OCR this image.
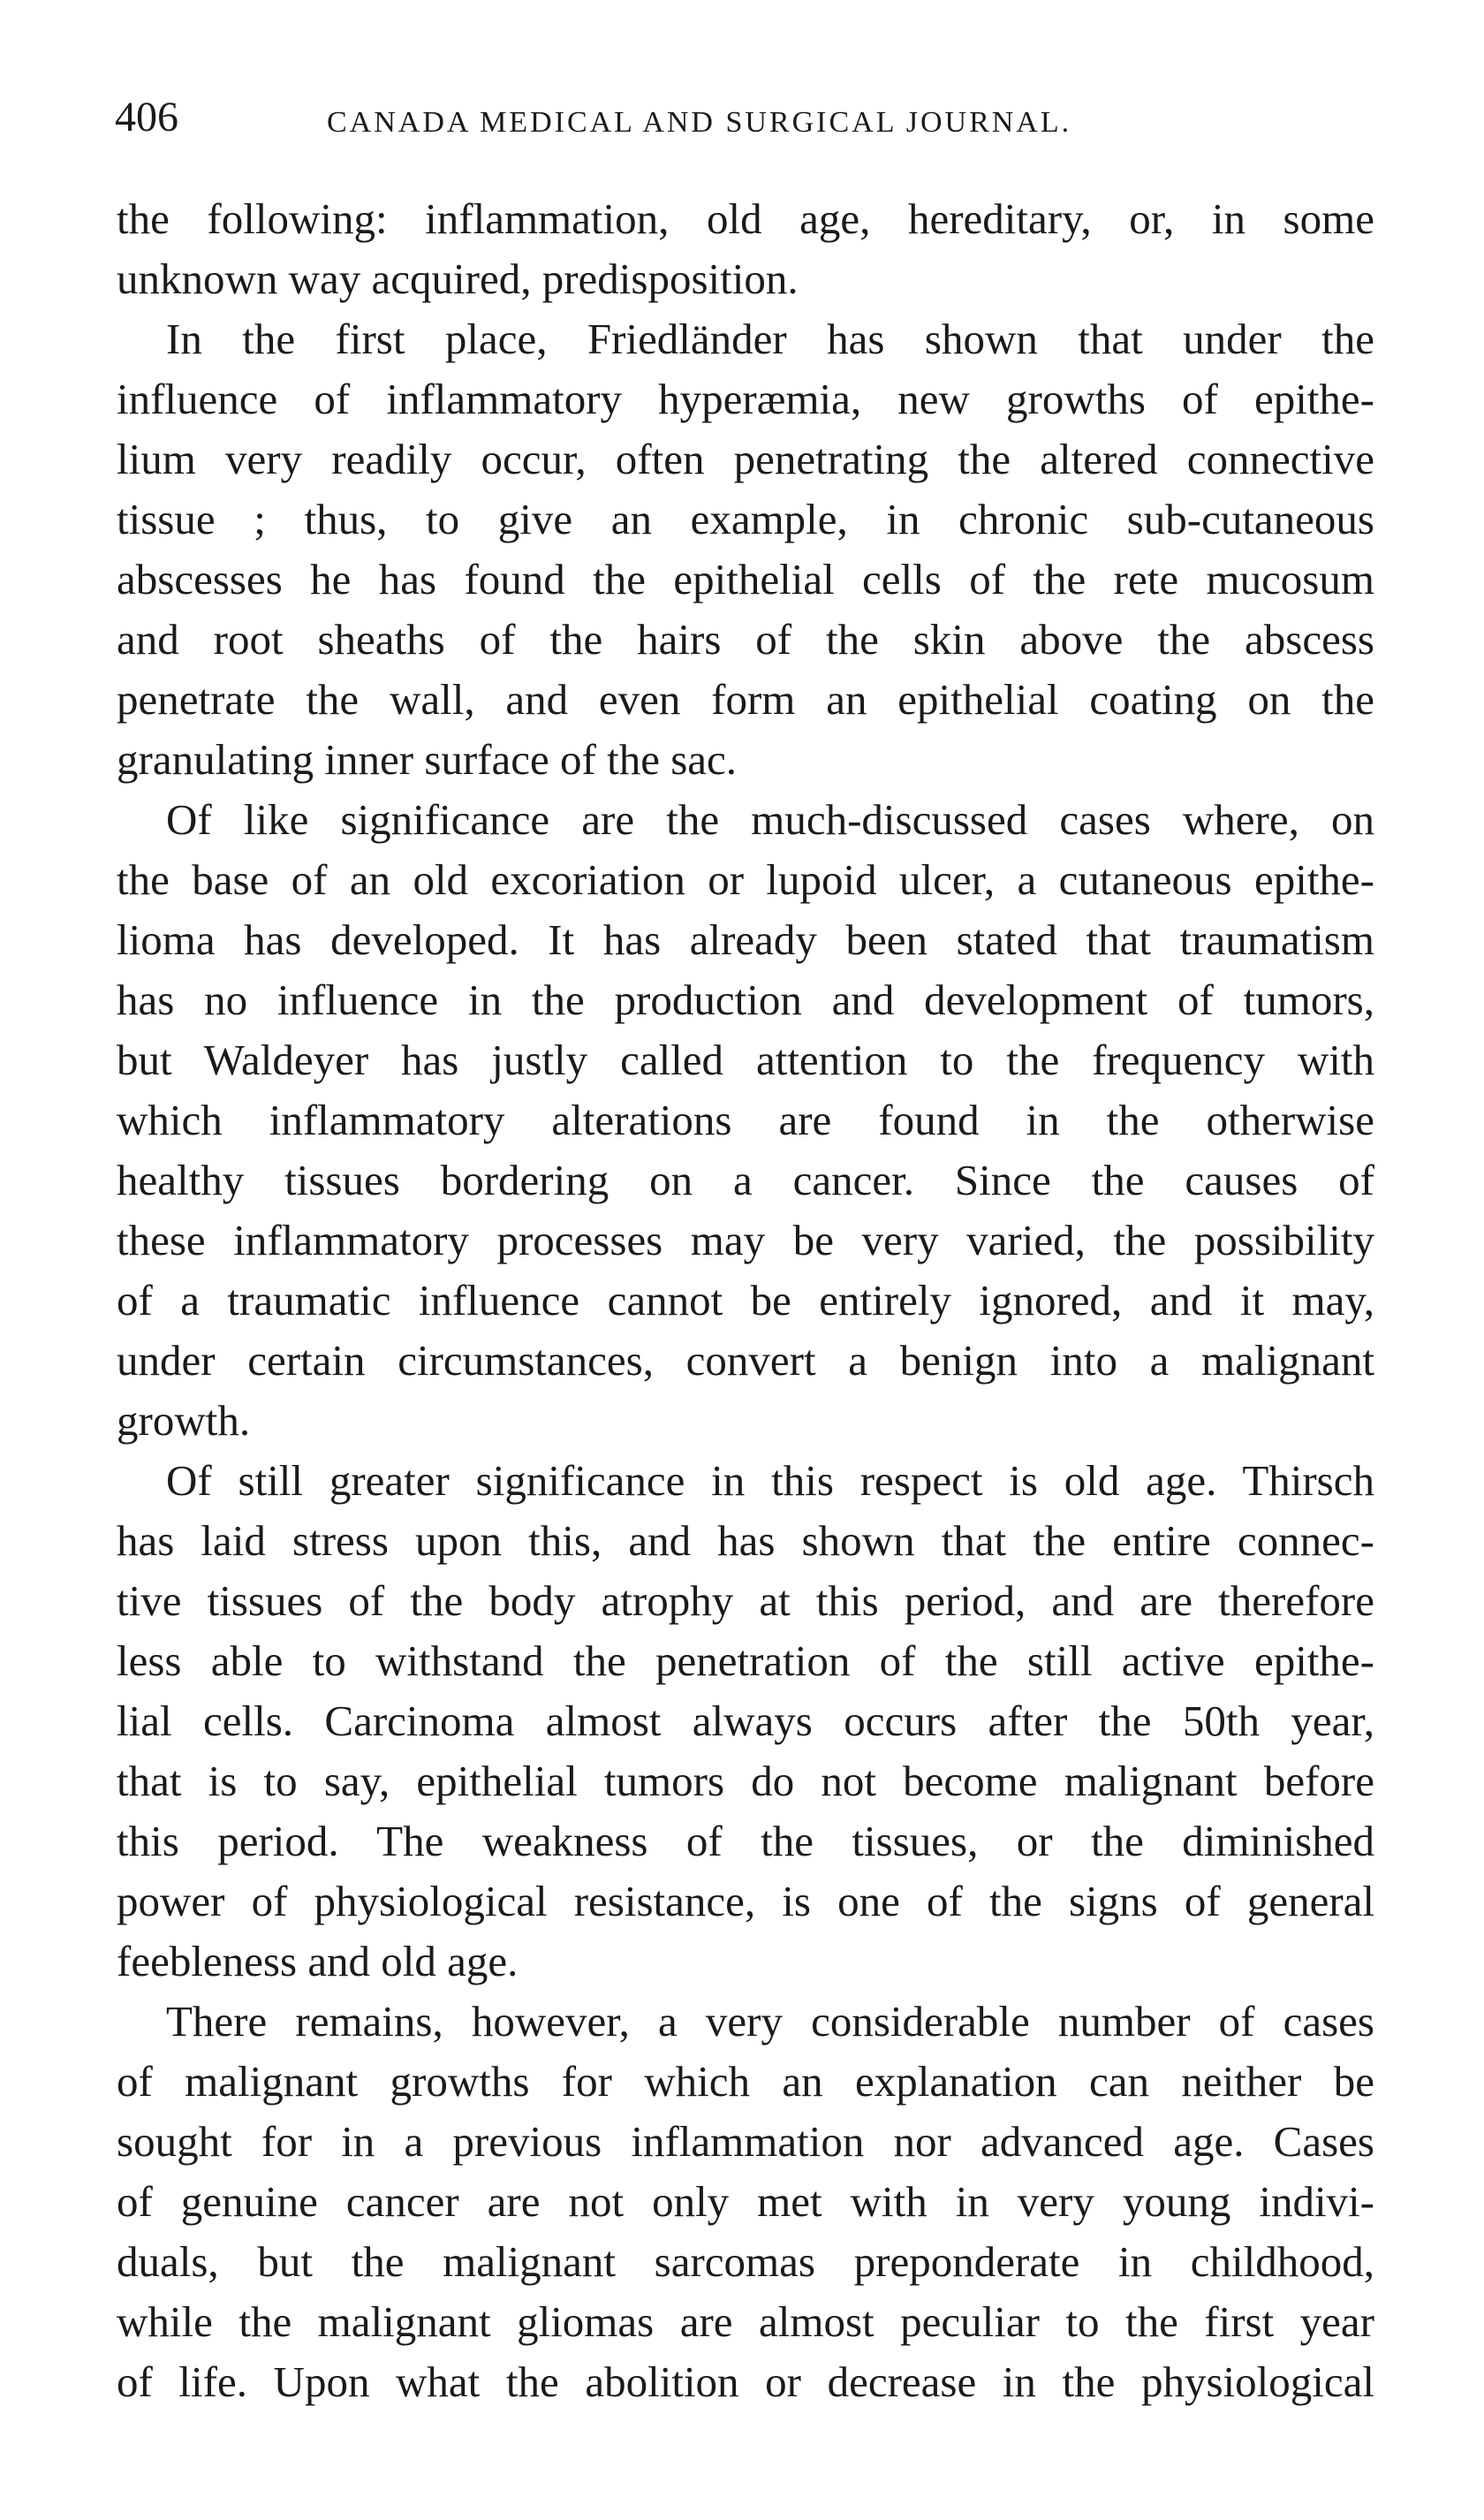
406	CANADA MEDICAL AND SURGICAL JOURNAL.

the following: inflammation, old age, hereditary, or, in some
unknown way acquired, predisposition.

In the first place, Friedländer has shown that under the
influence of inflammatory hyperæmia, new growths of epithe-
lium very readily occur, often penetrating the altered connective
tissue ; thus, to give an example, in chronic sub-cutaneous
abscesses he has found the epithelial cells of the rete mucosum
and root sheaths of the hairs of the skin above the abscess
penetrate the wall, and even form an epithelial coating on the
granulating inner surface of the sac.

Of like significance are the much-discussed cases where, on
the base of an old excoriation or lupoid ulcer, a cutaneous epithe-
lioma has developed. It has already been stated that traumatism
has no influence in the production and development of tumors,
but Waldeyer has justly called attention to the frequency with
which inflammatory alterations are found in the otherwise
healthy tissues bordering on a cancer. Since the causes of
these inflammatory processes may be very varied, the possibility
of a traumatic influence cannot be entirely ignored, and it may,
under certain circumstances, convert a benign into a malignant
growth.

Of still greater significance in this respect is old age. Thirsch
has laid stress upon this, and has shown that the entire connec-
tive tissues of the body atrophy at this period, and are therefore
less able to withstand the penetration of the still active epithe-
lial cells. Carcinoma almost always occurs after the 50th year,
that is to say, epithelial tumors do not become malignant before
this period. The weakness of the tissues, or the diminished
power of physiological resistance, is one of the signs of general
feebleness and old age.

There remains, however, a very considerable number of cases
of malignant growths for which an explanation can neither be
sought for in a previous inflammation nor advanced age. Cases
of genuine cancer are not only met with in very young indivi-
duals, but the malignant sarcomas preponderate in childhood,
while the malignant gliomas are almost peculiar to the first year
of life. Upon what the abolition or decrease in the physiological
